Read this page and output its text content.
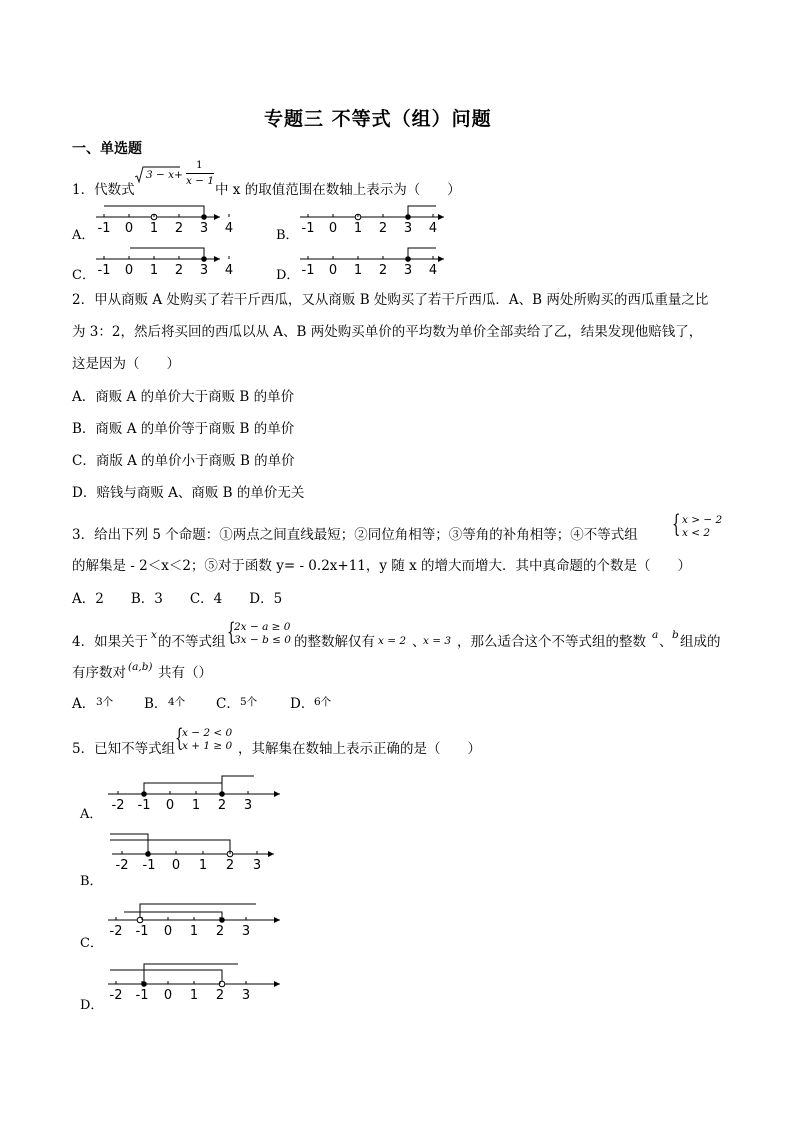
专题三 不等式（组）问题
一、单选题
1．代数式
3 − x +
1
x − 1
中 x 的取值范围在数轴上表示为（　　）
A． -1 0 1 2 3 4	B． -1 0 1 2 3 4
C． -1 0 1 2 3 4	D． -1 0 1 2 3 4
2．甲从商贩 A 处购买了若干斤西瓜，又从商贩 B 处购买了若干斤西瓜．A、B 两处所购买的西瓜重量之比
为 3：2，然后将买回的西瓜以从 A、B 两处购买单价的平均数为单价全部卖给了乙，结果发现他赔钱了，
这是因为（　　）
A．商贩 A 的单价大于商贩 B 的单价
B．商贩 A 的单价等于商贩 B 的单价
C．商版 A 的单价小于商贩 B 的单价
D．赔钱与商贩 A、商贩 B 的单价无关
3．给出下列 5 个命题：①两点之间直线最短；②同位角相等；③等角的补角相等；④不等式组 { x > − 2
x < 2
的解集是 - 2＜x＜2；⑤对于函数 y= - 0.2x+11，y 随 x 的增大而增大．其中真命题的个数是（　　）
A．2　　B．3　　C．4　　D．5
4．如果关于 x 的不等式组 {
2x − a ≥ 0
3x − b ≤ 0 的整数解仅有 x = 2 、
x = 3 ，那么适合这个不等式组的整数 a 、 b 组成的
有序数对 (a,b) 共有（）
A． 3个 B． 4个 C． 5个 D． 6个
5．已知不等式组 {
x − 2 < 0
x + 1 ≥ 0 ，其解集在数轴上表示正确的是（　　）
A．
-2 -1 0 1 2 3
B．
-2 -1 0 1 2 3
C．
-2 -1 0 1 2 3
D．
-2 -1 0 1 2 3
